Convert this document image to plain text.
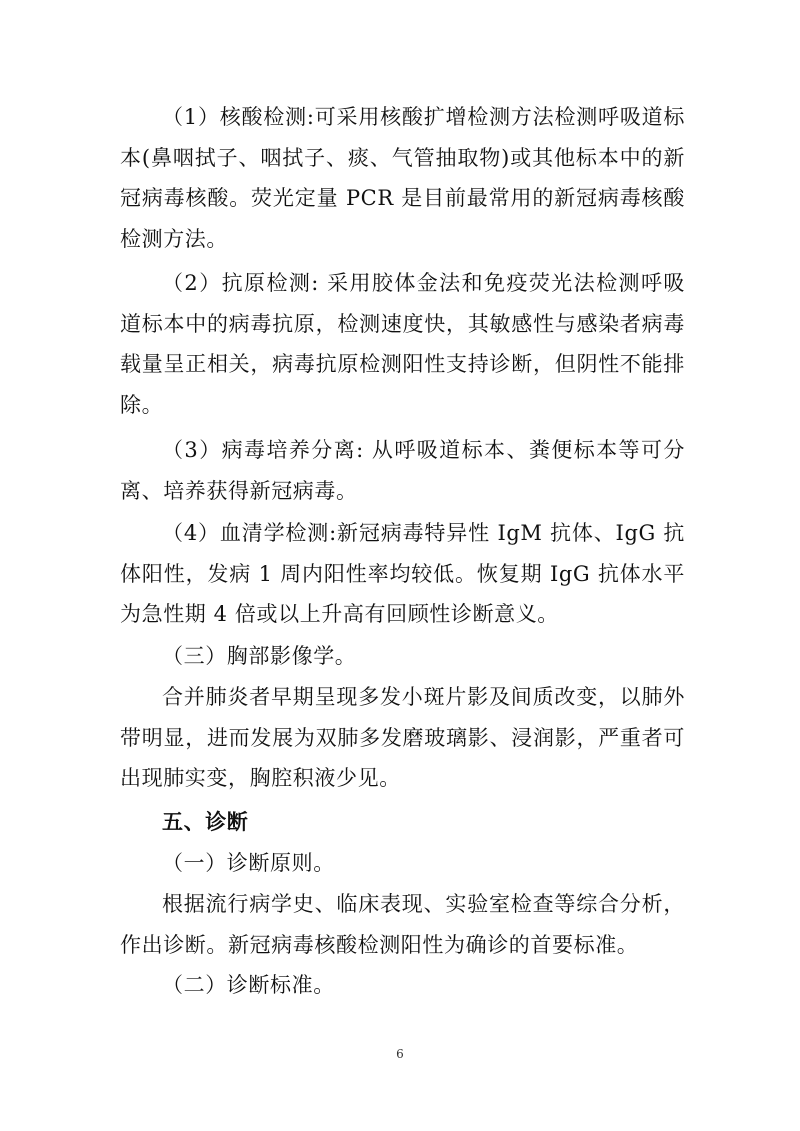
（1）核酸检测:可采用核酸扩增检测方法检测呼吸道标本(鼻咽拭子、咽拭子、痰、气管抽取物)或其他标本中的新冠病毒核酸。荧光定量 PCR 是目前最常用的新冠病毒核酸检测方法。

（2）抗原检测: 采用胶体金法和免疫荧光法检测呼吸道标本中的病毒抗原，检测速度快，其敏感性与感染者病毒载量呈正相关，病毒抗原检测阳性支持诊断，但阴性不能排除。

（3）病毒培养分离: 从呼吸道标本、粪便标本等可分离、培养获得新冠病毒。

（4）血清学检测:新冠病毒特异性 IgM 抗体、IgG 抗体阳性，发病 1 周内阳性率均较低。恢复期 IgG 抗体水平为急性期 4 倍或以上升高有回顾性诊断意义。

（三）胸部影像学。

合并肺炎者早期呈现多发小斑片影及间质改变，以肺外带明显，进而发展为双肺多发磨玻璃影、浸润影，严重者可出现肺实变，胸腔积液少见。

五、诊断

（一）诊断原则。

根据流行病学史、临床表现、实验室检查等综合分析，作出诊断。新冠病毒核酸检测阳性为确诊的首要标准。

（二）诊断标准。

6
